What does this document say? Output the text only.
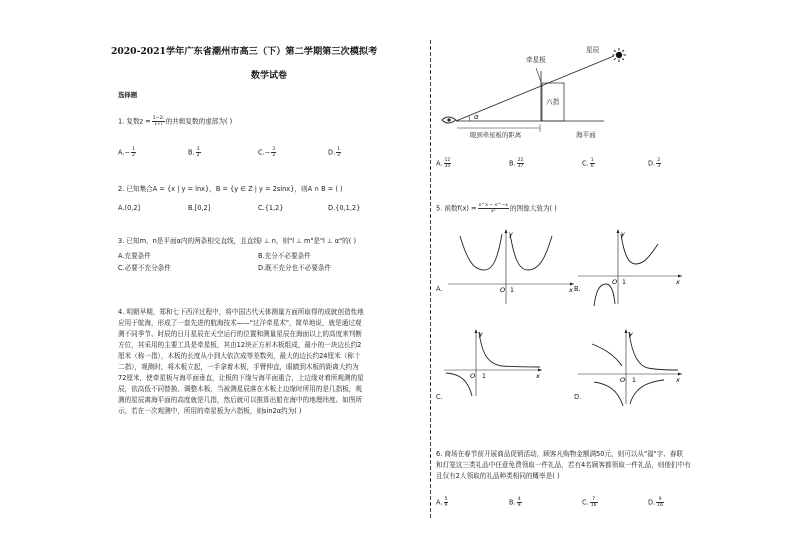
2020-2021学年广东省潮州市高三（下）第二学期第三次模拟考
数学试卷
选择题
1. 复数$z = \frac{1-2i}{1+i}$ 的共轭复数的虚部为( )
$A.- \frac{1}{2}$	B. $\frac{3}{2}$	$C.- \frac{3}{2}$	D. $\frac{1}{2}$
2. 已知集合A = {x | y = lnx}，B = {y ∈ Z | y = 2sinx}，则A ∩ B = ( )
A.(0,2]	B.[0,2]	C.{1,2}	D.{0,1,2}
3. 已知m，n是平面α内的两条相交直线，且直线l ⊥ n，则"l ⊥ m"是"l ⊥ α"的( )
A.充要条件	B.充分不必要条件
C.必要不充分条件	D.既不充分也不必要条件
4. 明朝早期，郑和七下西洋过程中，将中国古代天体测量方面所取得的成就创造性地
应用于航海，形成了一套先进的航海技术——"过洋牵星术"，简单地说，就是通过观
测不同季节、时辰的日月星辰在天空运行的位置和测量星辰在海面以上的高度来判断
方位，其采用的主要工具是牵星板，其由12块正方形木板组成，最小的一块边长约2
厘米（称一指），木板的长度从小到大依次成等差数列，最大的边长约24厘米（称十
二指），观测时，将木板立起，一手拿着木板，手臂伸直，眼睛到木板的距离大约为
72厘米，使牵星板与海平面垂直，让板的下缘与海平面重合，上边缘对着所观测的星
辰，依高低不同替换、调整木板，当被测星辰落在木板上边缘时所用的是几指板，观
测的星辰离海平面的高度就是几指，然后就可以推算出船在海中的地理纬度。如图所
示，若在一次观测中，所用的牵星板为六指板，则sin2α约为( )
星辰
牵星板
六指
α
眼到牵星板的距离	海平面
A. $\frac{12}{35}$	B. $\frac{22}{37}$	C. $\frac{1}{6}$	D. $\frac{2}{3}$
5. 函数$f(x) = \frac{e\^{}x - e\^{}-x}{\text{x²}}$ 的图像大致为( )
O 1	x
y
A.
O 1	x
y
B.
O 1	x
y
C.
O 1	x
y
D.
6. 商场在春节前开展商品促销活动，顾客凡购物金额满50元，则可以从"福"字、春联
和灯笼这三类礼品中任意免费领取一件礼品，若有4名顾客都领取一件礼品，则他们中有
且仅有2人领取的礼品种类相同的概率是( )
A. $\frac{5}{9}$	B. $\frac{4}{9}$	C. $\frac{7}{16}$	D. $\frac{9}{16}$
